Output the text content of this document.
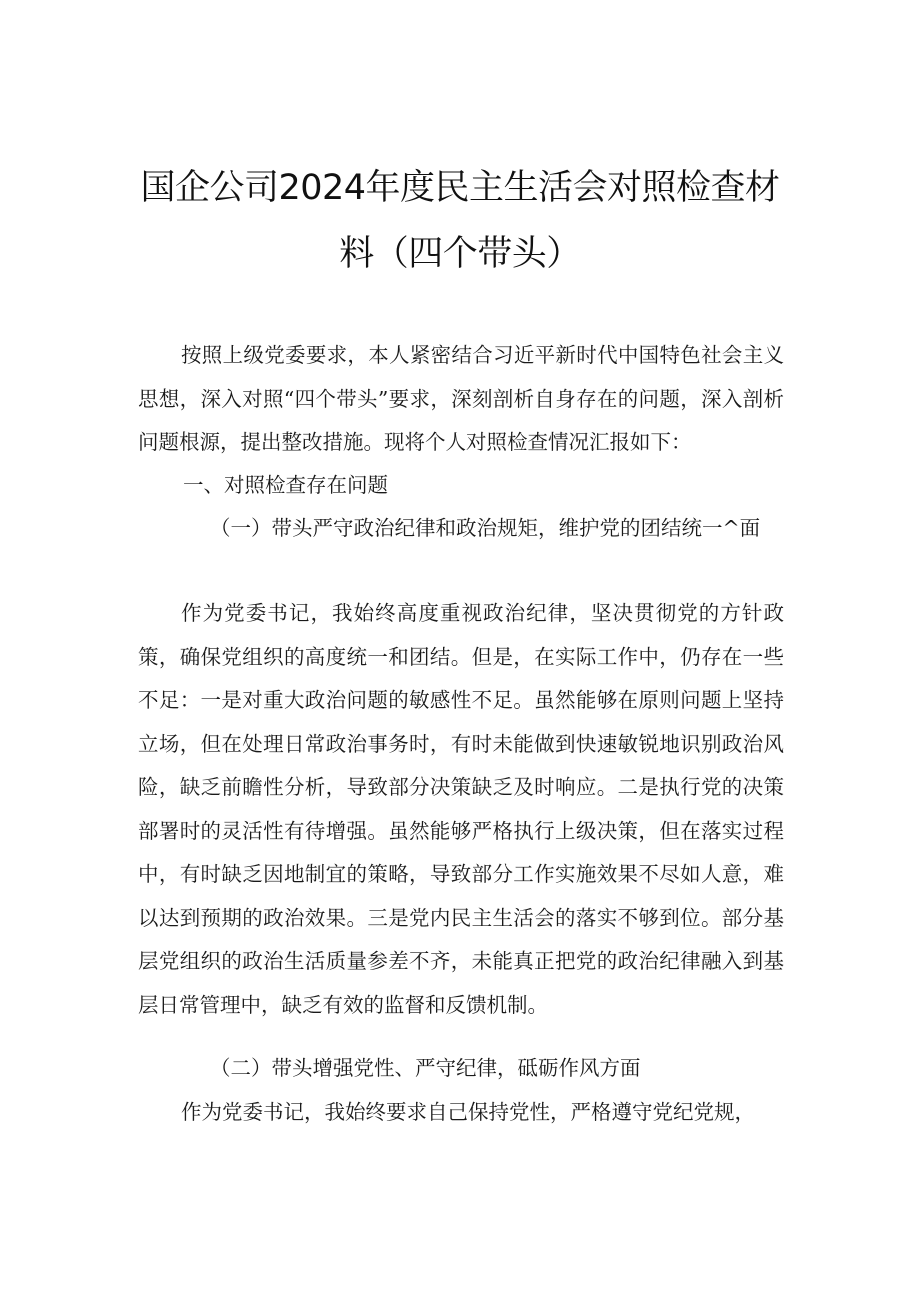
国企公司2024年度民主生活会对照检查材
料（四个带头）

按照上级党委要求，本人紧密结合习近平新时代中国特色社会主义思想，深入对照“四个带头”要求，深刻剖析自身存在的问题，深入剖析问题根源，提出整改措施。现将个人对照检查情况汇报如下：

一、对照检查存在问题

（一）带头严守政治纪律和政治规矩，维护党的团结统一^面

作为党委书记，我始终高度重视政治纪律，坚决贯彻党的方针政策，确保党组织的高度统一和团结。但是，在实际工作中，仍存在一些不足：一是对重大政治问题的敏感性不足。虽然能够在原则问题上坚持立场，但在处理日常政治事务时，有时未能做到快速敏锐地识别政治风险，缺乏前瞻性分析，导致部分决策缺乏及时响应。二是执行党的决策部署时的灵活性有待增强。虽然能够严格执行上级决策，但在落实过程中，有时缺乏因地制宜的策略，导致部分工作实施效果不尽如人意，难以达到预期的政治效果。三是党内民主生活会的落实不够到位。部分基层党组织的政治生活质量参差不齐，未能真正把党的政治纪律融入到基层日常管理中，缺乏有效的监督和反馈机制。

（二）带头增强党性、严守纪律，砥砺作风方面

作为党委书记，我始终要求自己保持党性，严格遵守党纪党规，
